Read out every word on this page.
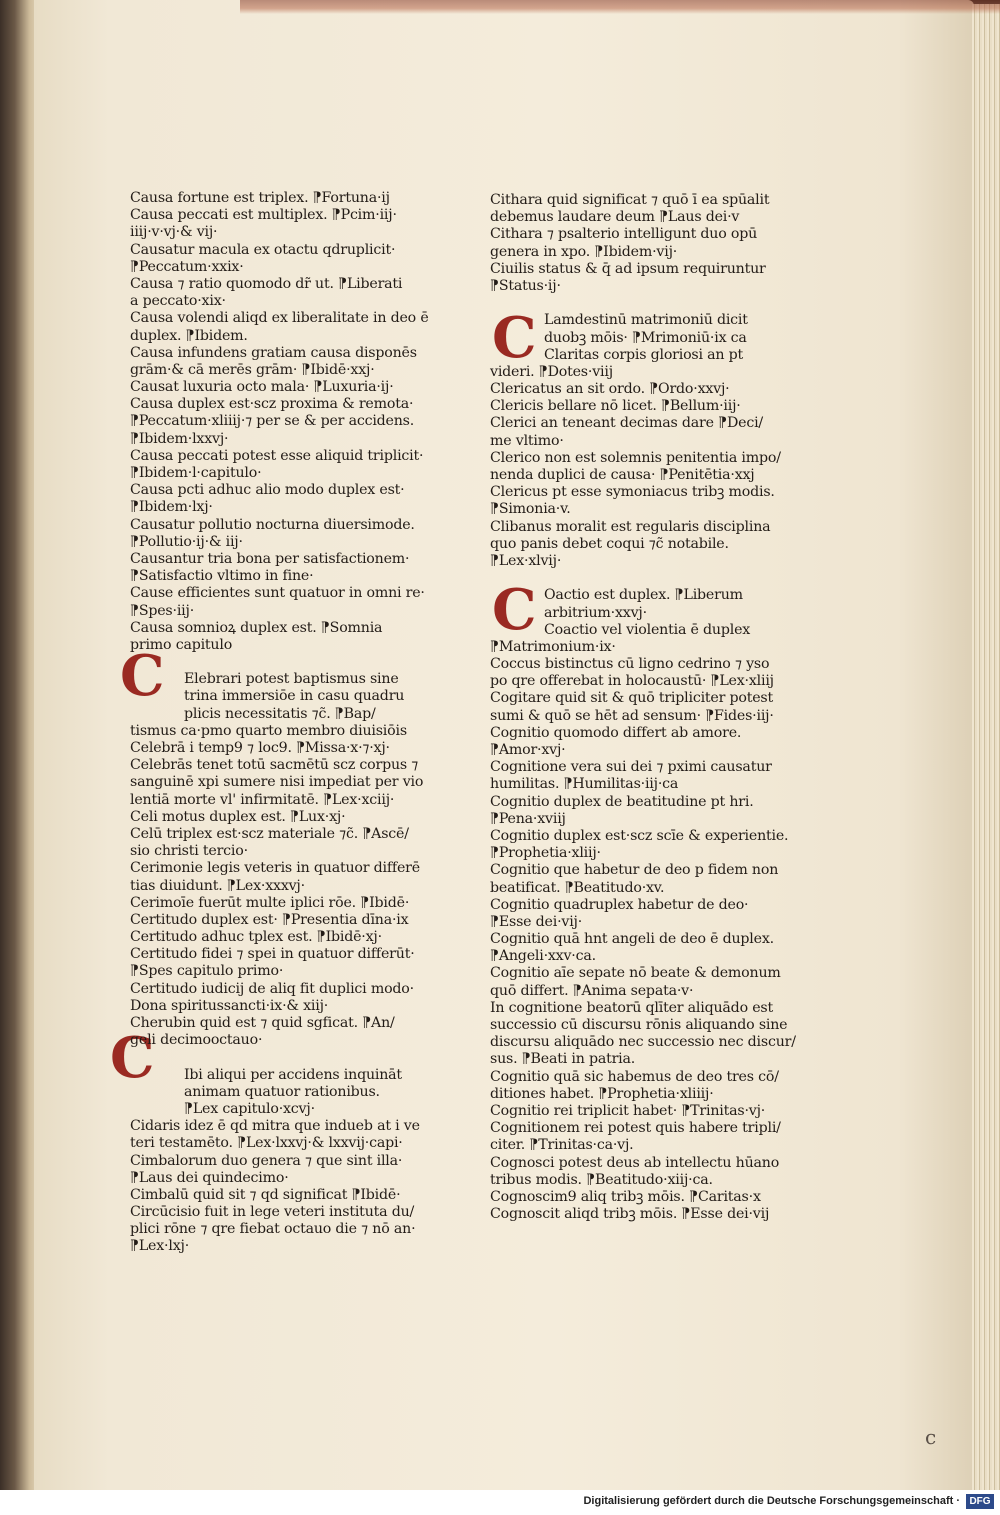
C
C
C
C
Causa fortune est triplex. ⁋Fortuna·ij
Causa peccati est multiplex. ⁋Pcim·iij·
iiij·v·vj·& vij·
Causatur macula ex otactu qdruplicit·
⁋Peccatum·xxix·
Causa ⁊ ratio quomodo dr̃ ut. ⁋Liberati
a peccato·xix·
Causa volendi aliqd ex liberalitate in deo ē
duplex. ⁋Ibidem.
Causa infundens gratiam causa disponēs
grām·& cā merēs grām· ⁋Ibidē·xxj·
Causat luxuria octo mala· ⁋Luxuria·ij·
Causa duplex est·scz proxima & remota·
⁋Peccatum·xliiij·⁊ per se & per accidens.
⁋Ibidem·lxxvj·
Causa peccati potest esse aliquid triplicit·
⁋Ibidem·l·capitulo·
Causa pcti adhuc alio modo duplex est·
⁋Ibidem·lxj·
Causatur pollutio nocturna diuersimode.
⁋Pollutio·ij·& iij·
Causantur tria bona per satisfactionem·
⁋Satisfactio vltimo in fine·
Cause efficientes sunt quatuor in omni re·
⁋Spes·iij·
Causa somnioꝝ duplex est. ⁋Somnia
primo capitulo
Elebrari potest baptismus sine
trina immersiōe in casu quadru
plicis necessitatis ⁊c̃. ⁋Bap/
tismus ca·pmo quarto membro diuisiōis
Celebrā i temp9 ⁊ loc9. ⁋Missa·x·⁊·xj·
Celebrās tenet totū sacmētū scz corpus ⁊
sanguinē xpi sumere nisi impediat per vio
lentiā morte vl' infirmitatē. ⁋Lex·xciij·
Celi motus duplex est. ⁋Lux·xj·
Celū triplex est·scz materiale ⁊c̃. ⁋Ascē/
sio christi tercio·
Cerimonie legis veteris in quatuor differē
tias diuidunt. ⁋Lex·xxxvj·
Cerimoīe fuerūt multe iplici rōe. ⁋Ibidē·
Certitudo duplex est· ⁋Presentia dīna·ix
Certitudo adhuc tplex est. ⁋Ibidē·xj·
Certitudo fidei ⁊ spei in quatuor differūt·
⁋Spes capitulo primo·
Certitudo iudicij de aliq fit duplici modo·
Dona spiritussancti·ix·& xiij·
Cherubin quid est ⁊ quid sgficat. ⁋An/
geli decimooctauo·
Ibi aliqui per accidens inquināt
animam quatuor rationibus.
⁋Lex capitulo·xcvj·
Cidaris idez ē qd mitra que indueb at i ve
teri testamēto. ⁋Lex·lxxvj·& lxxvij·capi·
Cimbalorum duo genera ⁊ que sint illa·
⁋Laus dei quindecimo·
Cimbalū quid sit ⁊ qd significat ⁋Ibidē·
Circūcisio fuit in lege veteri instituta du/
plici rōne ⁊ qre fiebat octauo die ⁊ nō an·
⁋Lex·lxj·
Cithara quid significat ⁊ quō ī ea spūalit
debemus laudare deum ⁋Laus dei·v
Cithara ⁊ psalterio intelligunt duo opū
genera in xpo. ⁋Ibidem·vij·
Ciuilis status & q̄ ad ipsum requiruntur
⁋Status·ij·
Lamdestinū matrimoniū dicit
duobꝫ mōis· ⁋Mrimoniū·ix ca
Claritas corpis gloriosi an pt
videri. ⁋Dotes·viij
Clericatus an sit ordo. ⁋Ordo·xxvj·
Clericis bellare nō licet. ⁋Bellum·iij·
Clerici an teneant decimas dare ⁋Deci/
me vltimo·
Clerico non est solemnis penitentia impo/
nenda duplici de causa· ⁋Penitētia·xxj
Clericus pt esse symoniacus tribꝫ modis.
⁋Simonia·v.
Clibanus moralit est regularis disciplina
quo panis debet coqui ⁊c̃ notabile.
⁋Lex·xlvij·
Oactio est duplex. ⁋Liberum
arbitrium·xxvj·
Coactio vel violentia ē duplex
⁋Matrimonium·ix·
Coccus bistinctus cū ligno cedrino ⁊ yso
po qre offerebat in holocaustū· ⁋Lex·xliij
Cogitare quid sit & quō tripliciter potest
sumi & quō se hēt ad sensum· ⁋Fides·iij·
Cognitio quomodo differt ab amore.
⁋Amor·xvj·
Cognitione vera sui dei ⁊ pximi causatur
humilitas. ⁋Humilitas·iij·ca
Cognitio duplex de beatitudine pt hri.
⁋Pena·xviij
Cognitio duplex est·scz scīe & experientie.
⁋Prophetia·xliij·
Cognitio que habetur de deo p fidem non
beatificat. ⁋Beatitudo·xv.
Cognitio quadruplex habetur de deo·
⁋Esse dei·vij·
Cognitio quā hnt angeli de deo ē duplex.
⁋Angeli·xxv·ca.
Cognitio aīe sepate nō beate & demonum
quō differt. ⁋Anima sepata·v·
In cognitione beatorū qlīter aliquādo est
successio cū discursu rōnis aliquando sine
discursu aliquādo nec successio nec discur/
sus. ⁋Beati in patria.
Cognitio quā sic habemus de deo tres cō/
ditiones habet. ⁋Prophetia·xliiij·
Cognitio rei triplicit habet· ⁋Trinitas·vj·
Cognitionem rei potest quis habere tripli/
citer. ⁋Trinitas·ca·vj.
Cognosci potest deus ab intellectu hūano
tribus modis. ⁋Beatitudo·xiij·ca.
Cognoscim9 aliq tribꝫ mōis. ⁋Caritas·x
Cognoscit aliqd tribꝫ mōis. ⁋Esse dei·vij
c
Digitalisierung gefördert durch die Deutsche Forschungsgemeinschaft · DFG
